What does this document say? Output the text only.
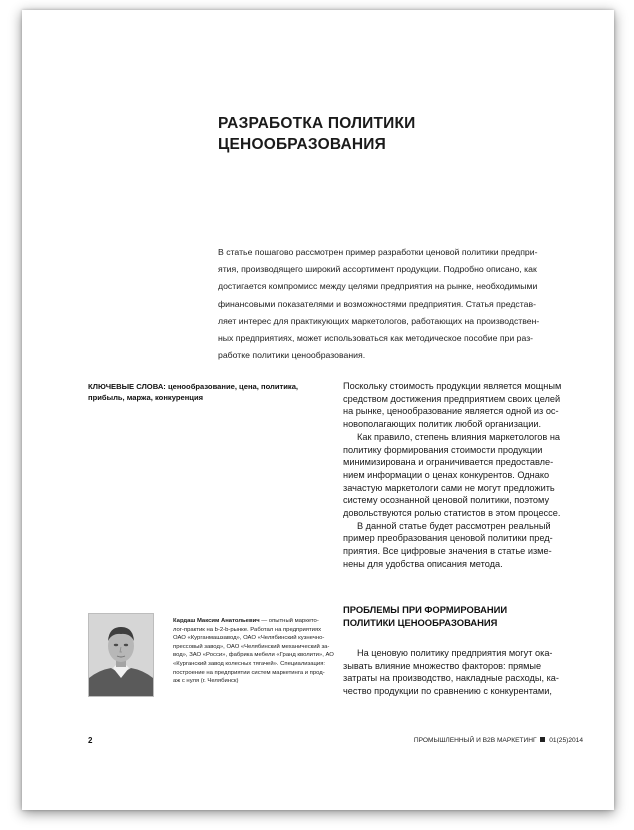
РАЗРАБОТКА ПОЛИТИКИ
ЦЕНООБРАЗОВАНИЯ
В статье пошагово рассмотрен пример разработки ценовой политики предпри-
ятия, производящего широкий ассортимент продукции. Подробно описано, как
достигается компромисс между целями предприятия на рынке, необходимыми
финансовыми показателями и возможностями предприятия. Статья представ-
ляет интерес для практикующих маркетологов, работающих на производствен-
ных предприятиях, может использоваться как методическое пособие при раз-
работке политики ценообразования.
КЛЮЧЕВЫЕ СЛОВА: ценообразование, цена, политика,
прибыль, маржа, конкуренция
Поскольку стоимость продукции является мощным
средством достижения предприятием своих целей
на рынке, ценообразование является одной из ос-
новополагающих политик любой организации.
Как правило, степень влияния маркетологов на
политику формирования стоимости продукции
минимизирована и ограничивается предоставле-
нием информации о ценах конкурентов. Однако
зачастую маркетологи сами не могут предложить
систему осознанной ценовой политики, поэтому
довольствуются ролью статистов в этом процессе.
В данной статье будет рассмотрен реальный
пример преобразования ценовой политики пред-
приятия. Все цифровые значения в статье изме-
нены для удобства описания метода.
ПРОБЛЕМЫ ПРИ ФОРМИРОВАНИИ
ПОЛИТИКИ ЦЕНООБРАЗОВАНИЯ
На ценовую политику предприятия могут ока-
зывать влияние множество факторов: прямые
затраты на производство, накладные расходы, ка-
чество продукции по сравнению с конкурентами,
Кардаш Максим Анатольевич — опытный маркето-
лог-практик на b-2-b-рынке. Работал на предприятиях
ОАО «Курганмашзавод», ОАО «Челябинский кузнечно-
прессовый завод», ОАО «Челябинский механический за-
вод», ЗАО «Росси», фабрика мебели «Гранд кволити», АО
«Курганский завод колесных тягачей». Специализация:
построение на предприятии систем маркетинга и прод-
аж с нуля (г. Челябинск)
2	ПРОМЫШЛЕННЫЙ И B2B МАРКЕТИНГ 01(25)2014
